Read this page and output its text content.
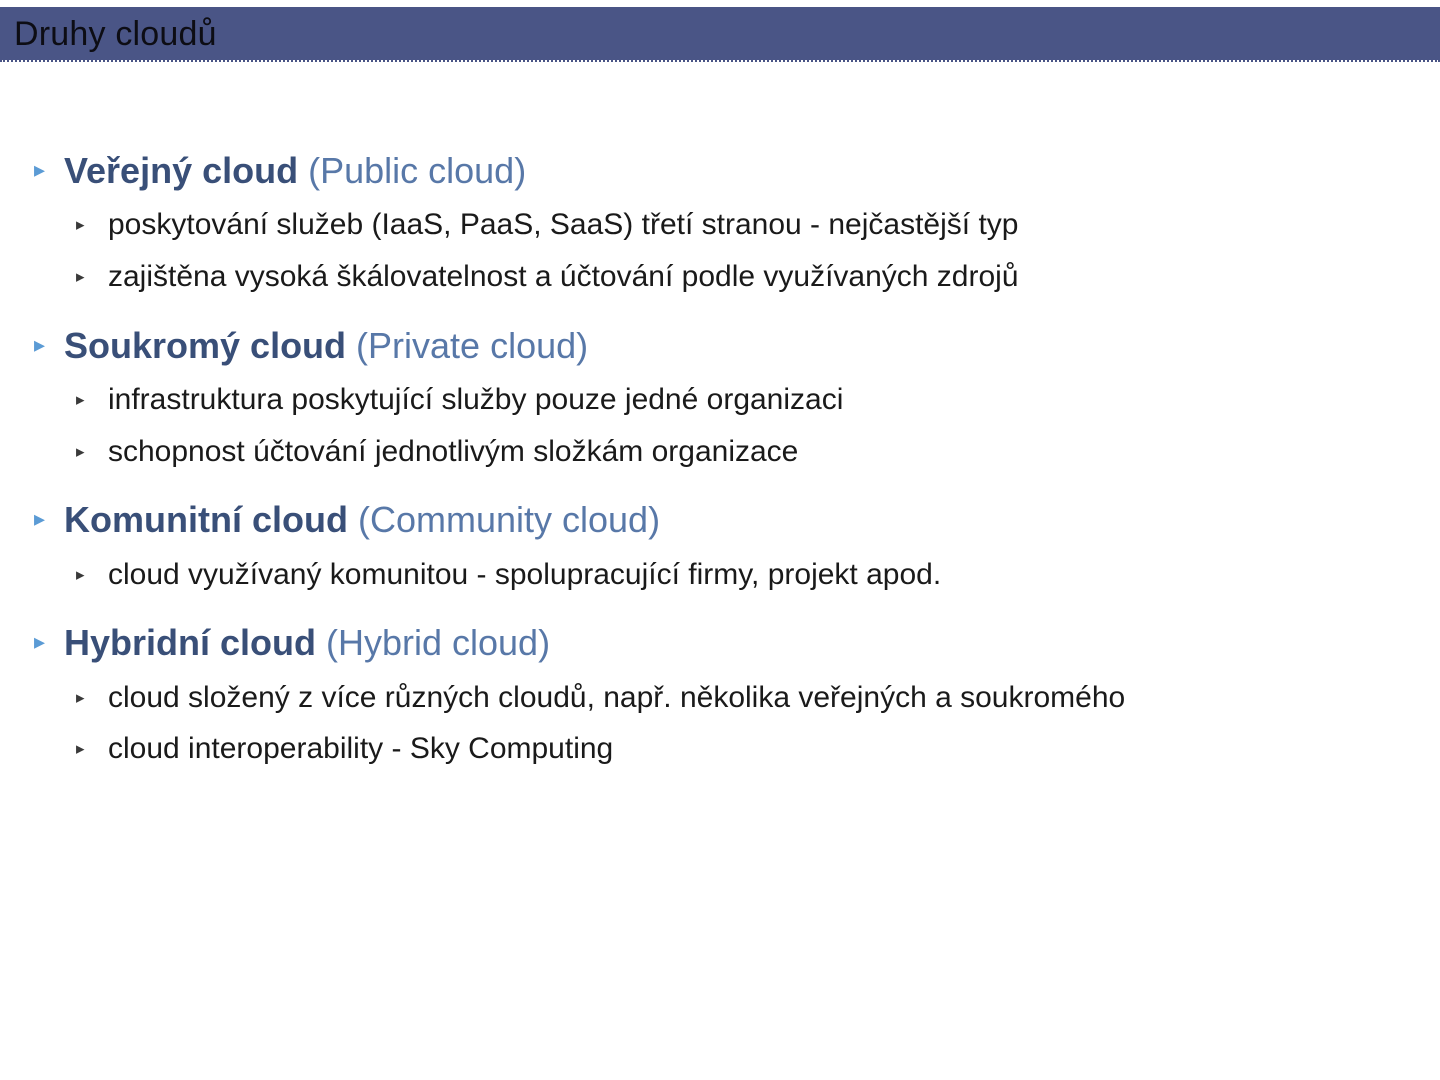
Druhy cloudů
▸ Veřejný cloud (Public cloud)
▸ poskytování služeb (IaaS, PaaS, SaaS) třetí stranou - nejčastější typ
▸ zajištěna vysoká škálovatelnost a účtování podle využívaných zdrojů
▸ Soukromý cloud (Private cloud)
▸ infrastruktura poskytující služby pouze jedné organizaci
▸ schopnost účtování jednotlivým složkám organizace
▸ Komunitní cloud (Community cloud)
▸ cloud využívaný komunitou - spolupracující firmy, projekt apod.
▸ Hybridní cloud (Hybrid cloud)
▸ cloud složený z více různých cloudů, např. několika veřejných a soukromého
▸ cloud interoperability - Sky Computing
